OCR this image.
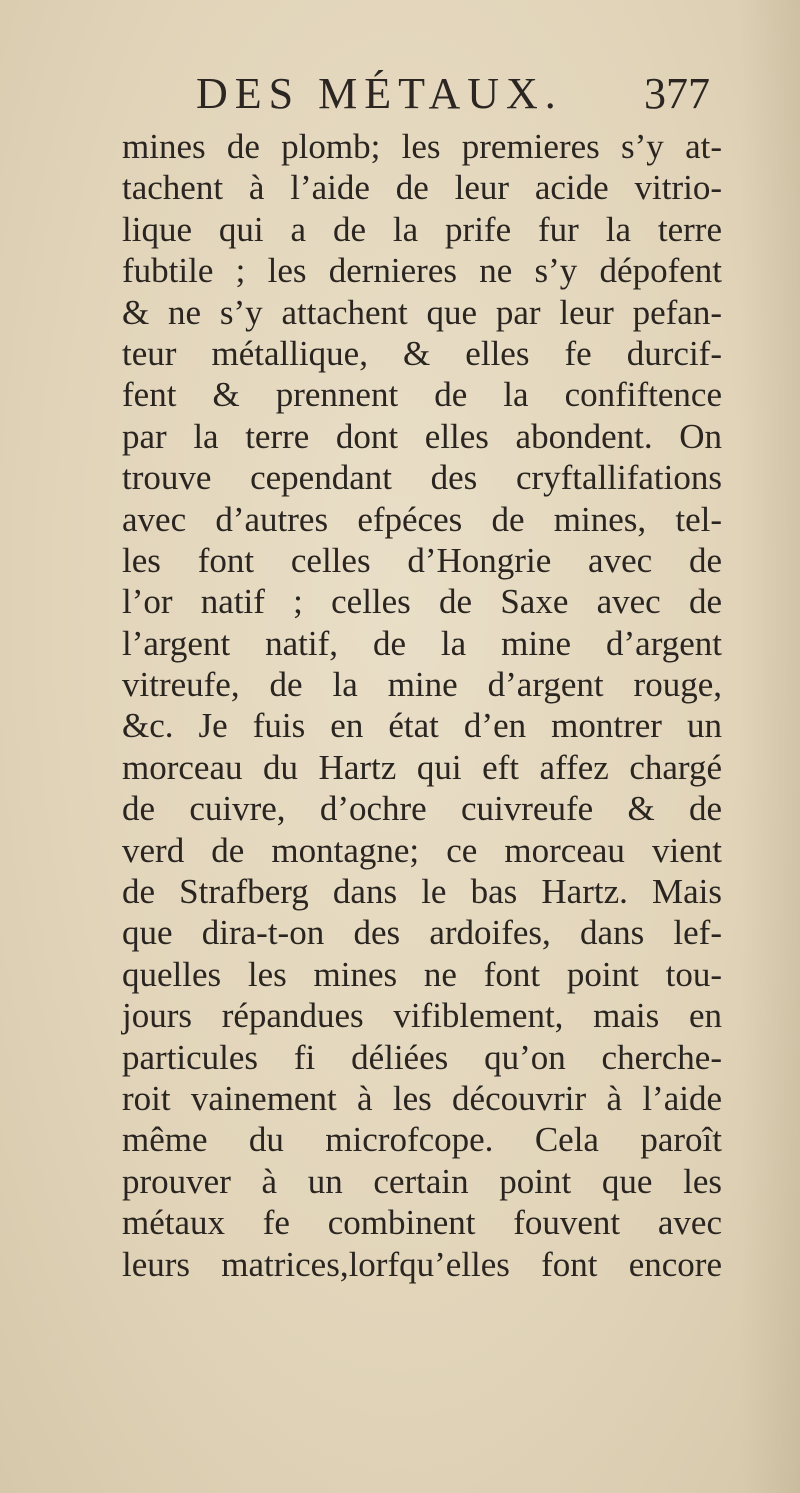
DES MÉTAUX. 377
mines de plomb; les premieres s’y at-
tachent à l’aide de leur acide vitrio-
lique qui a de la prife fur la terre
fubtile ; les dernieres ne s’y dépofent
& ne s’y attachent que par leur pefan-
teur métallique, & elles fe durcif-
fent & prennent de la confiftence
par la terre dont elles abondent. On
trouve cependant des cryftallifations
avec d’autres efpéces de mines, tel-
les font celles d’Hongrie avec de
l’or natif ; celles de Saxe avec de
l’argent natif, de la mine d’argent
vitreufe, de la mine d’argent rouge,
&c. Je fuis en état d’en montrer un
morceau du Hartz qui eft affez chargé
de cuivre, d’ochre cuivreufe & de
verd de montagne; ce morceau vient
de Strafberg dans le bas Hartz. Mais
que dira-t-on des ardoifes, dans lef-
quelles les mines ne font point tou-
jours répandues vifiblement, mais en
particules fi déliées qu’on cherche-
roit vainement à les découvrir à l’aide
même du microfcope. Cela paroît
prouver à un certain point que les
métaux fe combinent fouvent avec
leurs matrices,lorfqu’elles font encore
